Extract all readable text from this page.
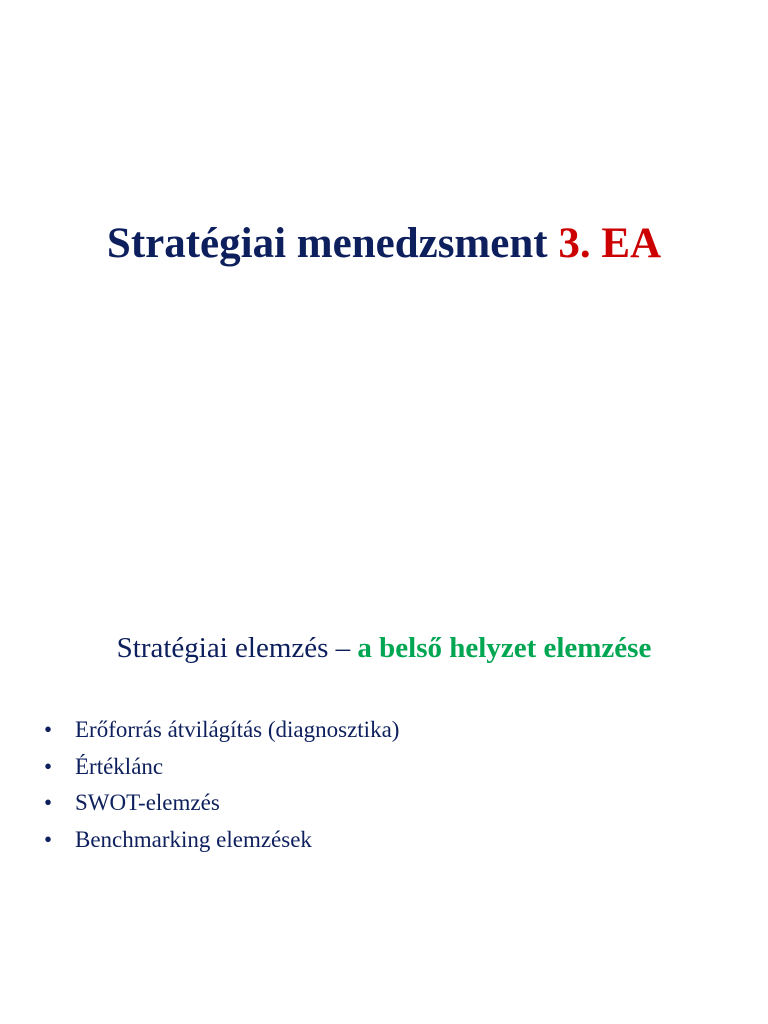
Stratégiai menedzsment 3. EA
Stratégiai elemzés – a belső helyzet elemzése
• Erőforrás átvilágítás (diagnosztika)
• Értéklánc
• SWOT-elemzés
• Benchmarking elemzések
